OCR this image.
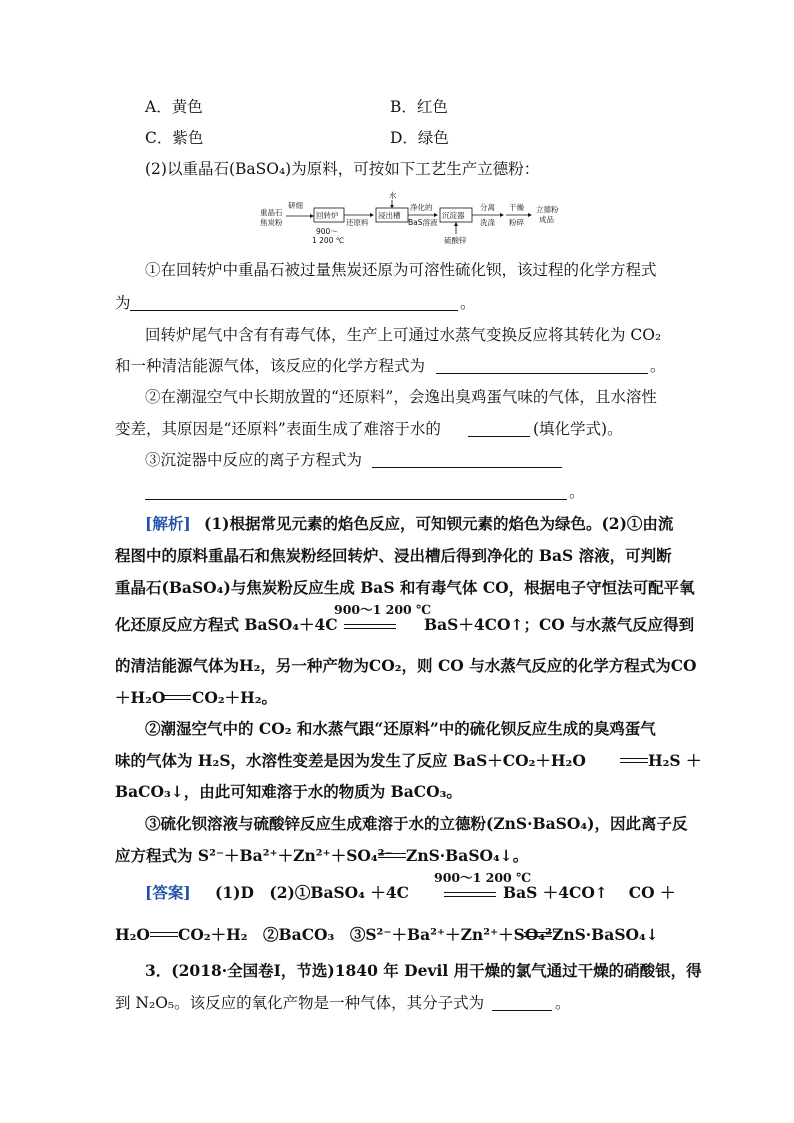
A．黄色	B．红色
C．紫色	D．绿色
(2)以重晶石(BaSO₄)为原料，可按如下工艺生产立德粉：
重晶石
焦炭粉
研细
回转炉
900～
1 200 ℃
还原料
水
浸出槽
净化的
BaS溶液
沉淀器
硫酸锌
分离
洗涤
干燥
粉碎
立德粉
成品
①在回转炉中重晶石被过量焦炭还原为可溶性硫化钡，该过程的化学方程式
为	。
回转炉尾气中含有有毒气体，生产上可通过水蒸气变换反应将其转化为 CO₂
和一种清洁能源气体，该反应的化学方程式为	。
②在潮湿空气中长期放置的“还原料”，会逸出臭鸡蛋气味的气体，且水溶性
变差，其原因是“还原料”表面生成了难溶于水的	(填化学式)。
③沉淀器中反应的离子方程式为
。
[解析] (1)根据常见元素的焰色反应，可知钡元素的焰色为绿色。(2)①由流
程图中的原料重晶石和焦炭粉经回转炉、浸出槽后得到净化的 BaS 溶液，可判断
重晶石(BaSO₄)与焦炭粉反应生成 BaS 和有毒气体 CO，根据电子守恒法可配平氧
化还原反应方程式 BaSO₄＋4C
900～1 200 ℃
BaS＋4CO↑；CO 与水蒸气反应得到
的清洁能源气体为H₂，另一种产物为CO₂，则 CO 与水蒸气反应的化学方程式为CO
＋H₂O CO₂＋H₂。
②潮湿空气中的 CO₂ 和水蒸气跟“还原料”中的硫化钡反应生成的臭鸡蛋气
味的气体为 H₂S，水溶性变差是因为发生了反应 BaS＋CO₂＋H₂O	H₂S ＋
BaCO₃↓，由此可知难溶于水的物质为 BaCO₃。
③硫化钡溶液与硫酸锌反应生成难溶于水的立德粉(ZnS·BaSO₄)，因此离子反
应方程式为 S²⁻＋Ba²⁺＋Zn²⁺＋SO₄²⁻ ZnS·BaSO₄↓。
[答案] (1)D　(2)①BaSO₄ ＋4C
900～1 200 ℃
BaS ＋4CO↑　 CO ＋
H₂O CO₂＋H₂　②BaCO₃　③S²⁻＋Ba²⁺＋Zn²⁺＋SO₄²⁻
ZnS·BaSO₄↓
3．(2018·全国卷Ⅰ，节选)1840 年 Devil 用干燥的氯气通过干燥的硝酸银，得
到 N₂O₅。该反应的氧化产物是一种气体，其分子式为	。
